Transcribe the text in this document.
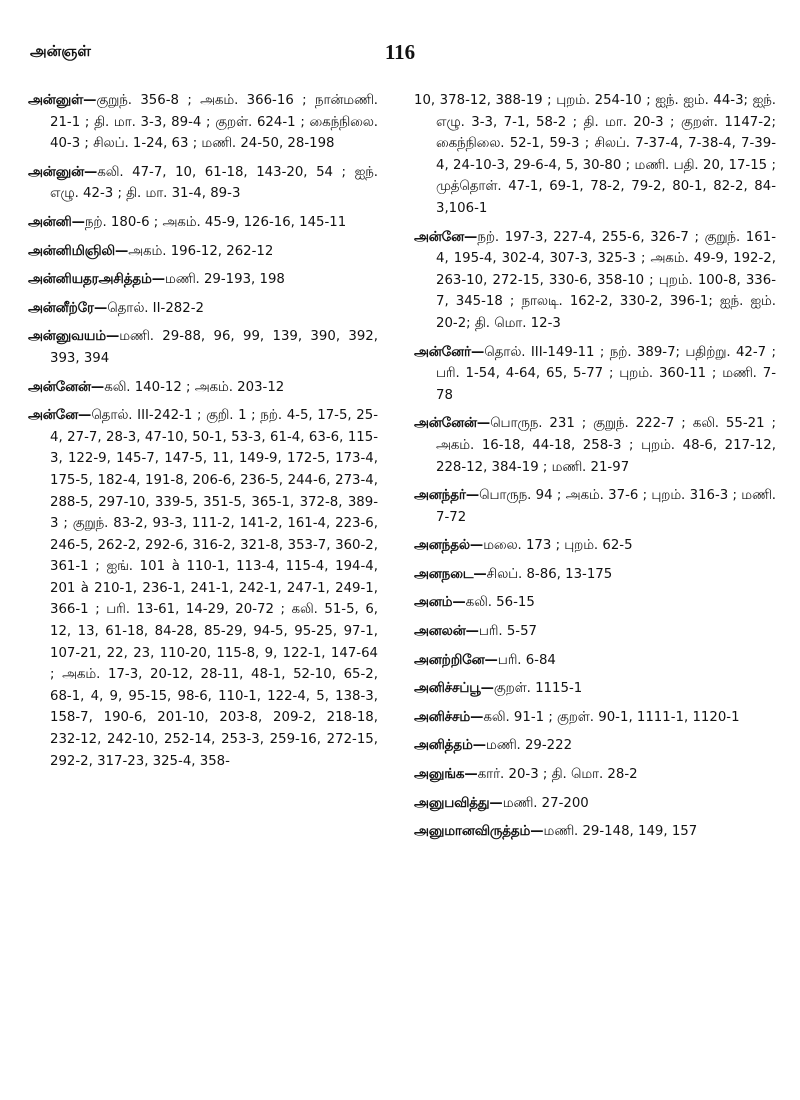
அன்ஞள்	116

அன்னுள்—குறுந். 356-8 ; அகம். 366-16 ; நான்மணி. 21-1 ; தி. மா. 3-3, 89-4 ; குறள். 624-1 ; கைந்நிலை. 40-3 ; சிலப். 1-24, 63 ; மணி. 24-50, 28-198

அன்னுன்—கலி. 47-7, 10, 61-18, 143-20, 54 ; ஐந். எழு. 42-3 ; தி. மா. 31-4, 89-3

அன்னி—நற். 180-6 ; அகம். 45-9, 126-16, 145-11

அன்னிமிஞிலி—அகம். 196-12, 262-12

அன்னியதரஅசித்தம்—மணி. 29-193, 198

அன்னீற்ரே—தொல். II-282-2

அன்னுவயம்—மணி. 29-88, 96, 99, 139, 390, 392, 393, 394

அன்னேன்—கலி. 140-12 ; அகம். 203-12

அன்னே—தொல். III-242-1 ; குறி. 1 ; நற். 4-5, 17-5, 25-4, 27-7, 28-3, 47-10, 50-1, 53-3, 61-4, 63-6, 115-3, 122-9, 145-7, 147-5, 11, 149-9, 172-5, 173-4, 175-5, 182-4, 191-8, 206-6, 236-5, 244-6, 273-4, 288-5, 297-10, 339-5, 351-5, 365-1, 372-8, 389-3 ; குறுந். 83-2, 93-3, 111-2, 141-2, 161-4, 223-6, 246-5, 262-2, 292-6, 316-2, 321-8, 353-7, 360-2, 361-1 ; ஐங். 101 à 110-1, 113-4, 115-4, 194-4, 201 à 210-1, 236-1, 241-1, 242-1, 247-1, 249-1, 366-1 ; பரி. 13-61, 14-29, 20-72 ; கலி. 51-5, 6, 12, 13, 61-18, 84-28, 85-29, 94-5, 95-25, 97-1, 107-21, 22, 23, 110-20, 115-8, 9, 122-1, 147-64 ; அகம். 17-3, 20-12, 28-11, 48-1, 52-10, 65-2, 68-1, 4, 9, 95-15, 98-6, 110-1, 122-4, 5, 138-3, 158-7, 190-6, 201-10, 203-8, 209-2, 218-18, 232-12, 242-10, 252-14, 253-3, 259-16, 272-15, 292-2, 317-23, 325-4, 358-

10, 378-12, 388-19 ; புறம். 254-10 ; ஐந். ஐம். 44-3; ஐந். எழு. 3-3, 7-1, 58-2 ; தி. மா. 20-3 ; குறள். 1147-2; கைந்நிலை. 52-1, 59-3 ; சிலப். 7-37-4, 7-38-4, 7-39-4, 24-10-3, 29-6-4, 5, 30-80 ; மணி. பதி. 20, 17-15 ; முத்தொள். 47-1, 69-1, 78-2, 79-2, 80-1, 82-2, 84-3,106-1

அன்னே—நற். 197-3, 227-4, 255-6, 326-7 ; குறுந். 161-4, 195-4, 302-4, 307-3, 325-3 ; அகம். 49-9, 192-2, 263-10, 272-15, 330-6, 358-10 ; புறம். 100-8, 336-7, 345-18 ; நாலடி. 162-2, 330-2, 396-1; ஐந். ஐம். 20-2; தி. மொ. 12-3

அன்னேர்—தொல். III-149-11 ; நற். 389-7; பதிற்று. 42-7 ; பரி. 1-54, 4-64, 65, 5-77 ; புறம். 360-11 ; மணி. 7-78

அன்னேன்—பொருந. 231 ; குறுந். 222-7 ; கலி. 55-21 ; அகம். 16-18, 44-18, 258-3 ; புறம். 48-6, 217-12, 228-12, 384-19 ; மணி. 21-97

அனந்தர்—பொருந. 94 ; அகம். 37-6 ; புறம். 316-3 ; மணி. 7-72

அனந்தல்—மலை. 173 ; புறம். 62-5

அனநடை—சிலப். 8-86, 13-175

அனம்—கலி. 56-15

அனலன்—பரி. 5-57

அனற்றினே—பரி. 6-84

அனிச்சப்பூ—குறள். 1115-1

அனிச்சம்—கலி. 91-1 ; குறள். 90-1, 1111-1, 1120-1

அனித்தம்—மணி. 29-222

அனுங்க—கார். 20-3 ; தி. மொ. 28-2

அனுபவித்து—மணி. 27-200

அனுமானவிருத்தம்—மணி. 29-148, 149, 157
